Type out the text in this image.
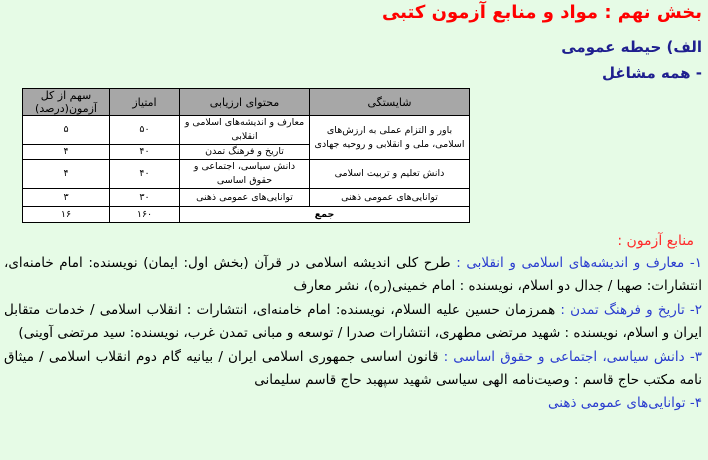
بخش نهم : مواد و منابع آزمون کتبی
الف) حیطه عمومی
- همه مشاغل
شایستگی	محتوای ارزیابی	امتیاز	سهم از کل آزمون(درصد)
باور و التزام عملی به ارزش‌های اسلامی، ملی و انقلابی و روحیه جهادی	معارف و اندیشه‌های اسلامی و انقلابی	۵۰	۵
	تاریخ و فرهنگ تمدن	۴۰	۴
دانش تعلیم و تربیت اسلامی	دانش سیاسی، اجتماعی و حقوق اساسی	۴۰	۴
توانایی‌های عمومی ذهنی	توانایی‌های عمومی ذهنی	۳۰	۳
جمع		۱۶۰	۱۶
منابع آزمون :

۱- معارف و اندیشه‌های اسلامی و انقلابی : طرح کلی اندیشه اسلامی در قرآن (بخش اول: ایمان) نویسنده: امام خامنه‌ای، انتشارات: صهبا / جدال دو اسلام، نویسنده : امام خمینی(ره)، نشر معارف

۲- تاریخ و فرهنگ تمدن : همرزمان حسین علیه السلام، نویسنده: امام خامنه‌ای، انتشارات : انقلاب اسلامی / خدمات متقابل ایران و اسلام، نویسنده : شهید مرتضی مطهری، انتشارات صدرا / توسعه و مبانی تمدن غرب، نویسنده: سید مرتضی آوینی)

۳- دانش سیاسی، اجتماعی و حقوق اساسی : قانون اساسی جمهوری اسلامی ایران / بیانیه گام دوم انقلاب اسلامی / میثاق نامه مکتب حاج قاسم : وصیت‌نامه الهی سیاسی شهید سپهبد حاج قاسم سلیمانی

۴- توانایی‌های عمومی ذهنی
